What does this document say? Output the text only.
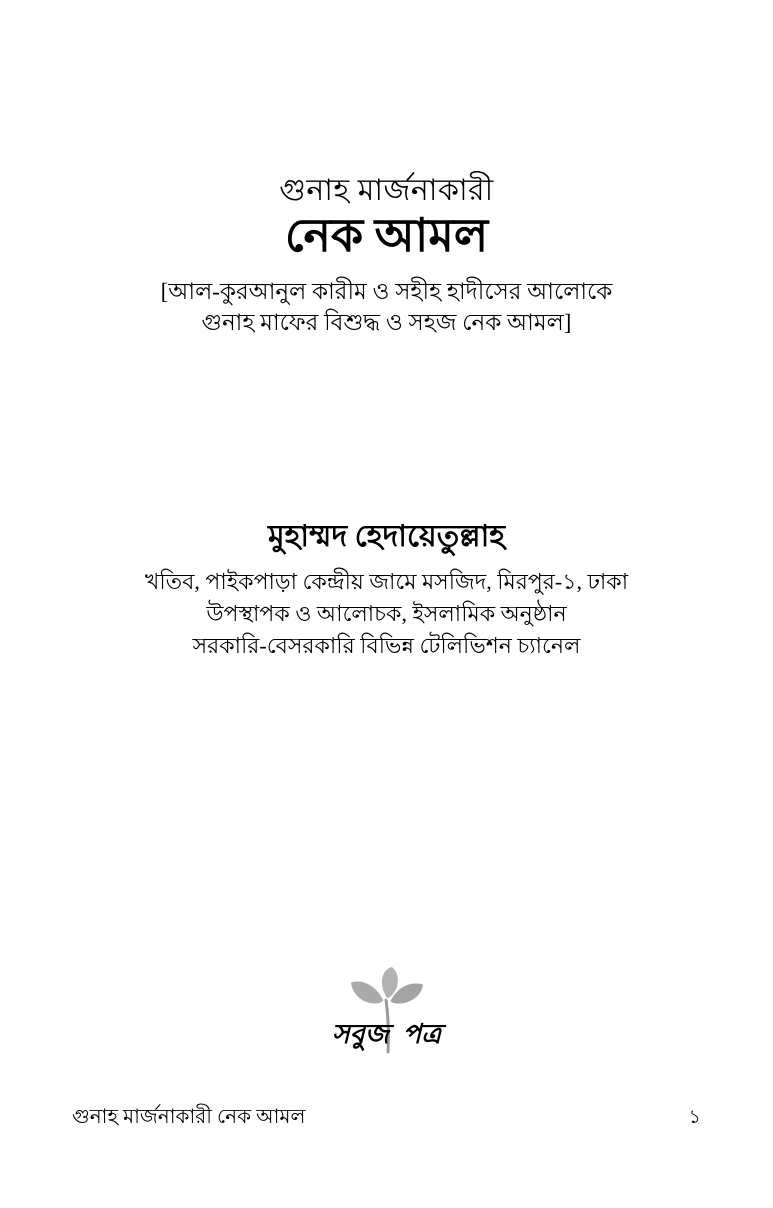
গুনাহ মার্জনাকারী
নেক আমল
[আল-কুরআনুল কারীম ও সহীহ হাদীসের আলোকে
গুনাহ মাফের বিশুদ্ধ ও সহজ নেক আমল]
মুহাম্মদ হেদায়েতুল্লাহ
খতিব, পাইকপাড়া কেন্দ্রীয় জামে মসজিদ, মিরপুর-১, ঢাকা
উপস্থাপক ও আলোচক, ইসলামিক অনুষ্ঠান
সরকারি-বেসরকারি বিভিন্ন টেলিভিশন চ্যানেল
সবুজ পত্র
গুনাহ মার্জনাকারী নেক আমল	১
